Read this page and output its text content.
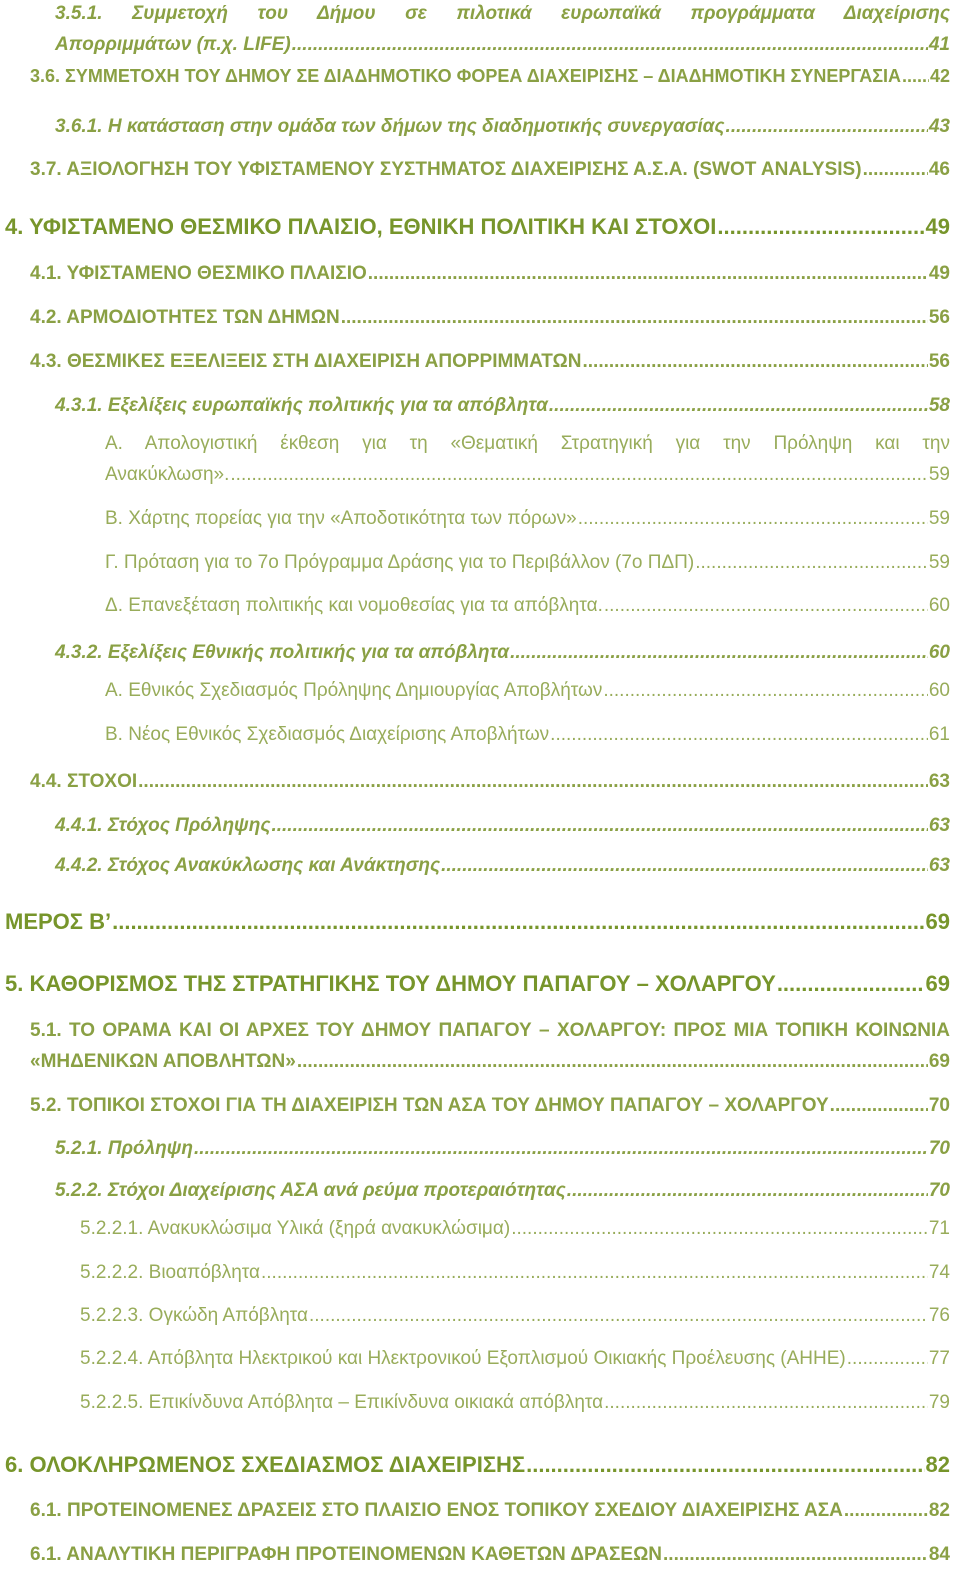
3.5.1. Συμμετοχή του Δήμου σε πιλοτικά ευρωπαϊκά προγράμματα Διαχείρισης
Απορριμμάτων (π.χ. LIFE) .....	41
3.6. ΣΥΜΜΕΤΟΧΗ ΤΟΥ ΔΗΜΟΥ ΣΕ ΔΙΑΔΗΜΟΤΙΚΟ ΦΟΡΕΑ ΔΙΑΧΕΙΡΙΣΗΣ – ΔΙΑΔΗΜΟΤΙΚΗ ΣΥΝΕΡΓΑΣΙΑ ..... 42
3.6.1. Η κατάσταση στην ομάδα των δήμων της διαδημοτικής συνεργασίας .....	43
3.7. ΑΞΙΟΛΟΓΗΣΗ ΤΟΥ ΥΦΙΣΤΑΜΕΝΟΥ ΣΥΣΤΗΜΑΤΟΣ ΔΙΑΧΕΙΡΙΣΗΣ Α.Σ.Α. (SWOT ANALYSIS) .....	46
4. ΥΦΙΣΤΑΜΕΝΟ ΘΕΣΜΙΚΟ ΠΛΑΙΣΙΟ, ΕΘΝΙΚΗ ΠΟΛΙΤΙΚΗ ΚΑΙ ΣΤΟΧΟΙ .....	49
4.1. ΥΦΙΣΤΑΜΕΝΟ ΘΕΣΜΙΚΟ ΠΛΑΙΣΙΟ .....	49
4.2. ΑΡΜΟΔΙΟΤΗΤΕΣ ΤΩΝ ΔΗΜΩΝ .....	56
4.3. ΘΕΣΜΙΚΕΣ ΕΞΕΛΙΞΕΙΣ ΣΤΗ ΔΙΑΧΕΙΡΙΣΗ ΑΠΟΡΡΙΜΜΑΤΩΝ .....	56
4.3.1. Εξελίξεις ευρωπαϊκής πολιτικής για τα απόβλητα .....	58
Α. Απολογιστική έκθεση για τη «Θεματική Στρατηγική για την Πρόληψη και την
Ανακύκλωση». .....	59
Β. Χάρτης πορείας για την «Αποδοτικότητα των πόρων» .....	59
Γ. Πρόταση για το 7ο Πρόγραμμα Δράσης για το Περιβάλλον (7ο ΠΔΠ) .....	59
Δ. Επανεξέταση πολιτικής και νομοθεσίας για τα απόβλητα. .....	60
4.3.2. Εξελίξεις Εθνικής πολιτικής για τα απόβλητα .....	60
Α. Εθνικός Σχεδιασμός Πρόληψης Δημιουργίας Αποβλήτων .....	60
Β. Νέος Εθνικός Σχεδιασμός Διαχείρισης Αποβλήτων .....	61
4.4. ΣΤΟΧΟΙ .....	63
4.4.1. Στόχος Πρόληψης .....	63
4.4.2. Στόχος Ανακύκλωσης και Ανάκτησης .....	63
ΜΕΡΟΣ Β’ .....	69
5. ΚΑΘΟΡΙΣΜΟΣ ΤΗΣ ΣΤΡΑΤΗΓΙΚΗΣ ΤΟΥ ΔΗΜΟΥ ΠΑΠΑΓΟΥ – ΧΟΛΑΡΓΟΥ .....	69
5.1. ΤΟ ΟΡΑΜΑ ΚΑΙ ΟΙ ΑΡΧΕΣ ΤΟΥ ΔΗΜΟΥ ΠΑΠΑΓΟΥ – ΧΟΛΑΡΓΟΥ: ΠΡΟΣ ΜΙΑ ΤΟΠΙΚΗ ΚΟΙΝΩΝΙΑ
«ΜΗΔΕΝΙΚΩΝ ΑΠΟΒΛΗΤΩΝ» .....	69
5.2. ΤΟΠΙΚΟΙ ΣΤΟΧΟΙ ΓΙΑ ΤΗ ΔΙΑΧΕΙΡΙΣΗ ΤΩΝ ΑΣΑ ΤΟΥ ΔΗΜΟΥ ΠΑΠΑΓΟΥ – ΧΟΛΑΡΓΟΥ .....	70
5.2.1. Πρόληψη .....	70
5.2.2. Στόχοι Διαχείρισης ΑΣΑ ανά ρεύμα προτεραιότητας .....	70
5.2.2.1. Ανακυκλώσιμα Υλικά (ξηρά ανακυκλώσιμα) .....	71
5.2.2.2. Βιοαπόβλητα .....	74
5.2.2.3. Ογκώδη Απόβλητα .....	76
5.2.2.4. Απόβλητα Ηλεκτρικού και Ηλεκτρονικού Εξοπλισμού Οικιακής Προέλευσης (ΑΗΗΕ) .....	77
5.2.2.5. Επικίνδυνα Απόβλητα – Επικίνδυνα οικιακά απόβλητα .....	79
6. ΟΛΟΚΛΗΡΩΜΕΝΟΣ ΣΧΕΔΙΑΣΜΟΣ ΔΙΑΧΕΙΡΙΣΗΣ .....	82
6.1. ΠΡΟΤΕΙΝΟΜΕΝΕΣ ΔΡΑΣΕΙΣ ΣΤΟ ΠΛΑΙΣΙΟ ΕΝΟΣ ΤΟΠΙΚΟΥ ΣΧΕΔΙΟΥ ΔΙΑΧΕΙΡΙΣΗΣ ΑΣΑ .....	82
6.1. ΑΝΑΛΥΤΙΚΗ ΠΕΡΙΓΡΑΦΗ ΠΡΟΤΕΙΝΟΜΕΝΩΝ ΚΑΘΕΤΩΝ ΔΡΑΣΕΩΝ .....	84
